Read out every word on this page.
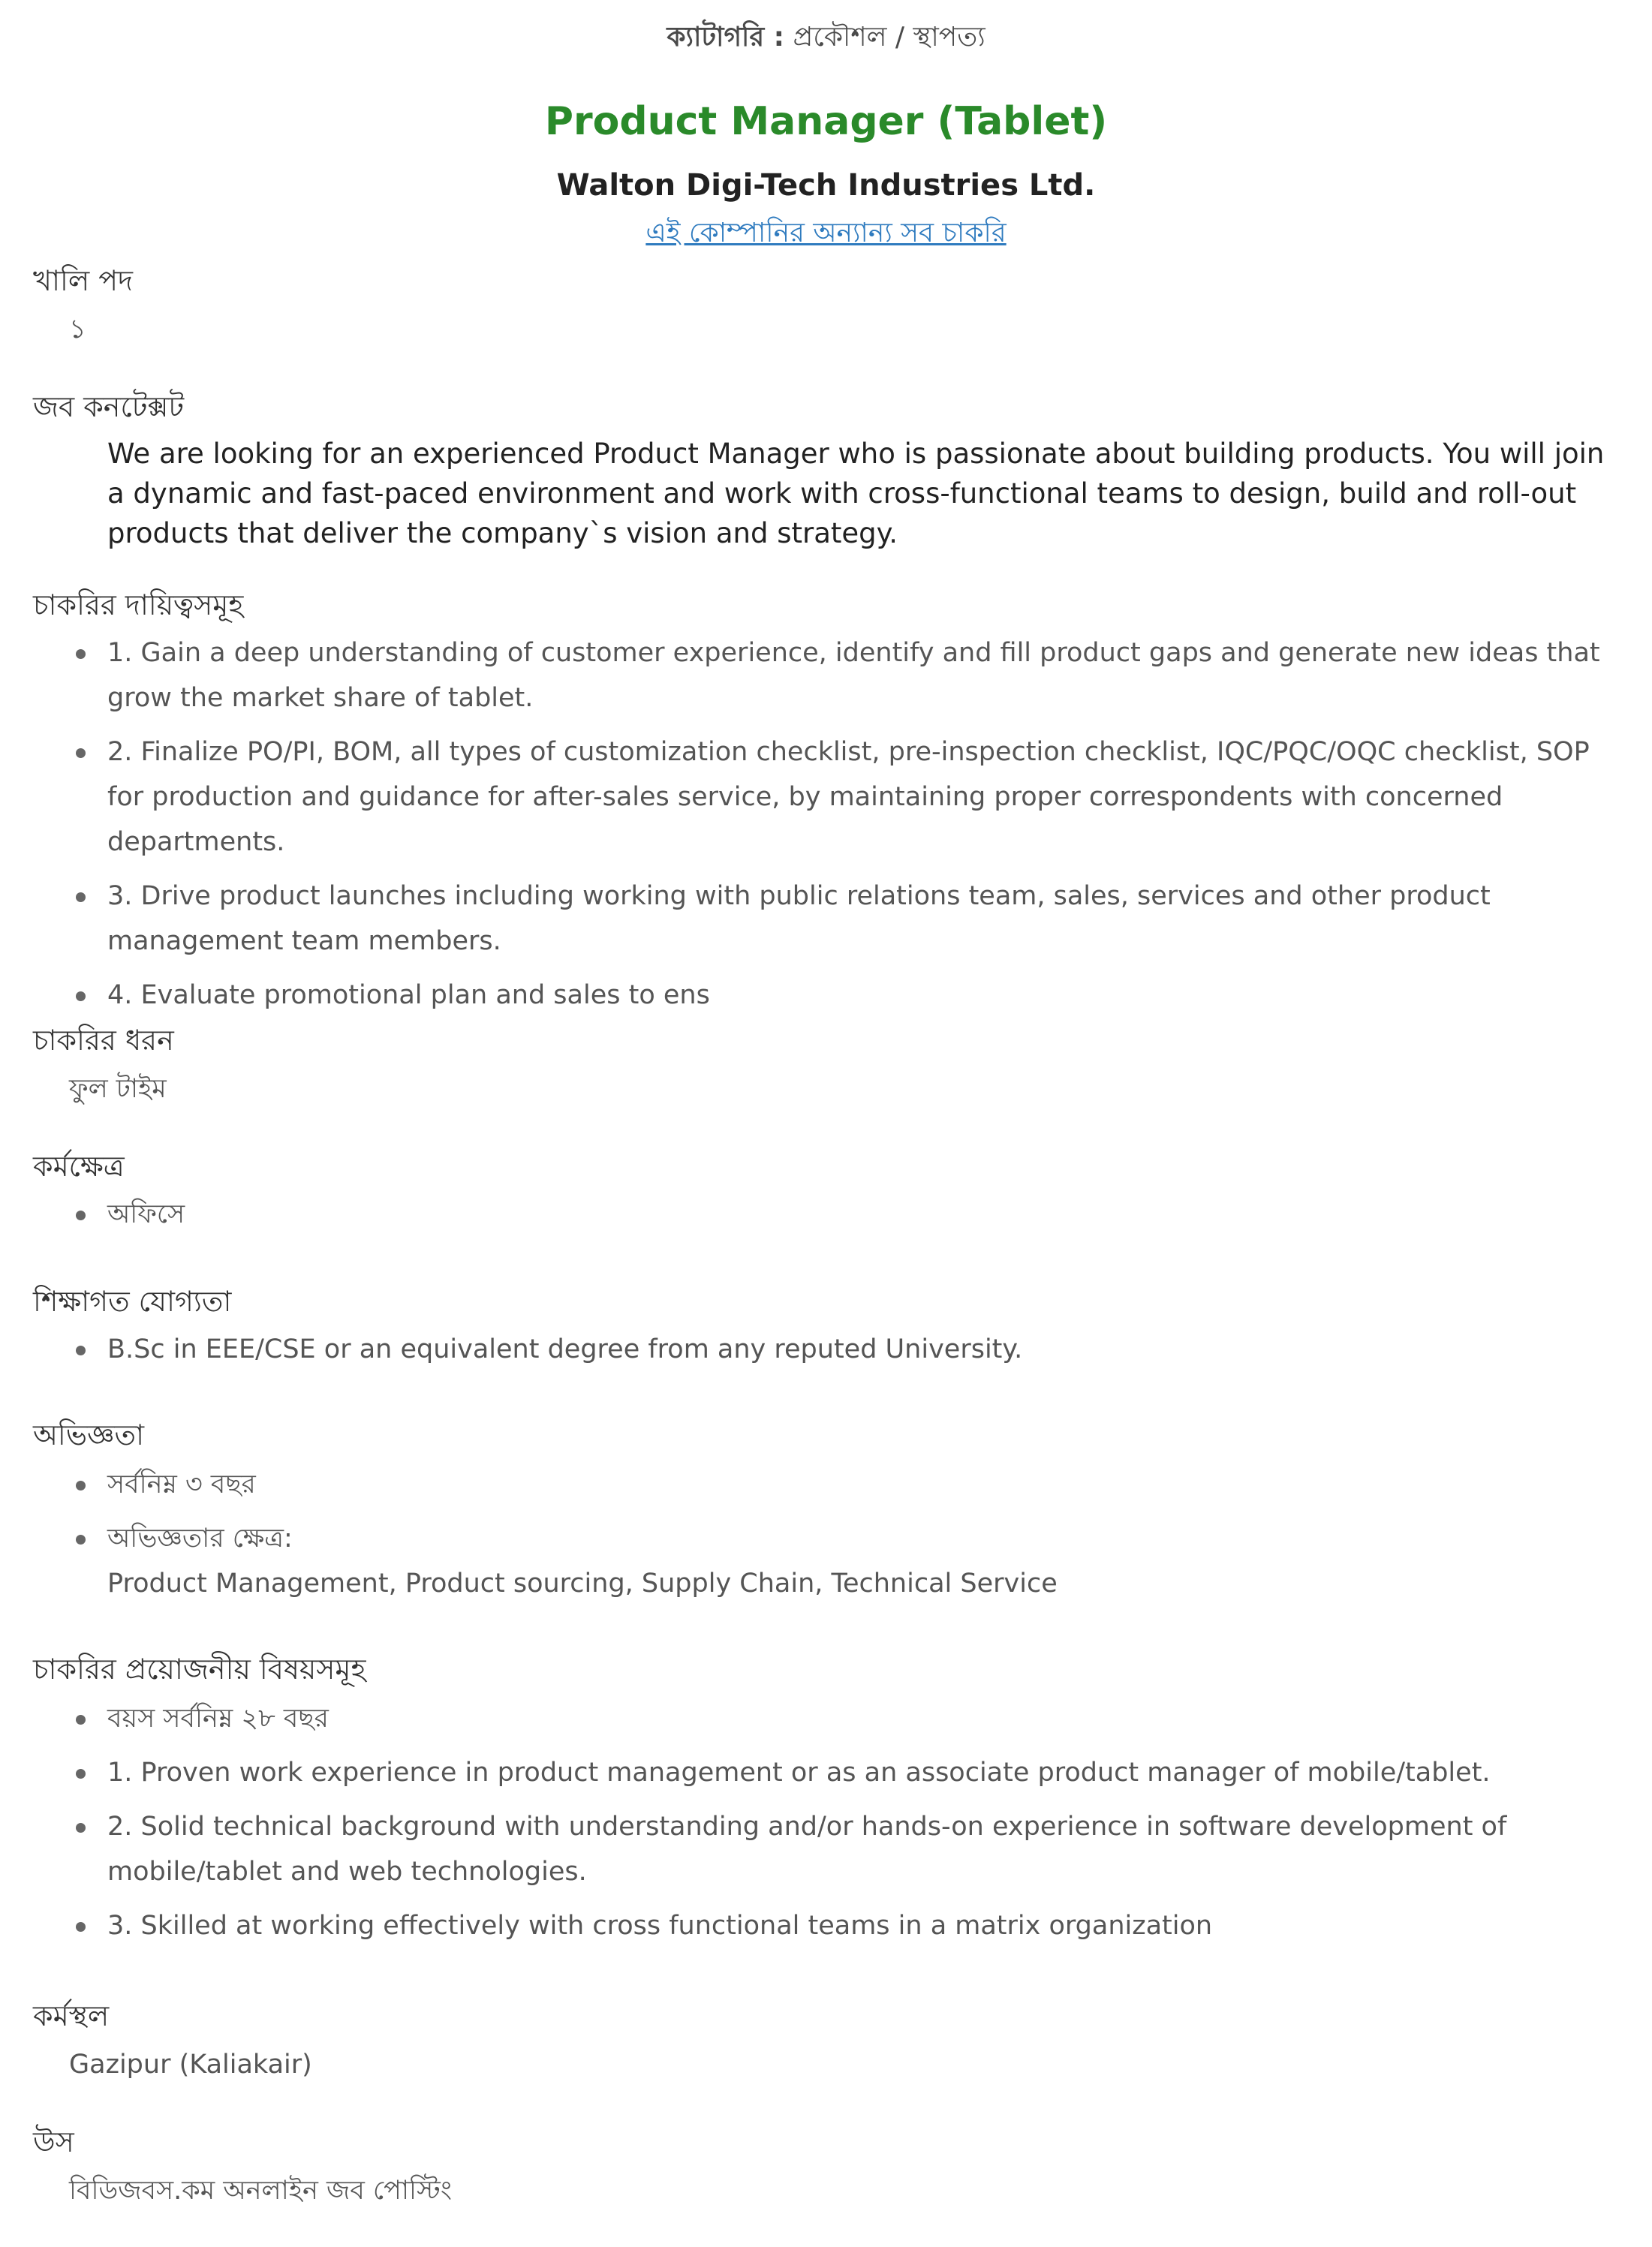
ক্যাটাগরি : প্রকৌশল / স্থাপত্য
Product Manager (Tablet)
Walton Digi-Tech Industries Ltd.
এই কোম্পানির অন্যান্য সব চাকরি
খালি পদ
১
জব কনটেক্সট
We are looking for an experienced Product Manager who is passionate about building products. You will join a dynamic and fast-paced environment and work with cross-functional teams to design, build and roll-out products that deliver the company`s vision and strategy.
চাকরির দায়িত্বসমূহ
1. Gain a deep understanding of customer experience, identify and fill product gaps and generate new ideas that grow the market share of tablet.
2. Finalize PO/PI, BOM, all types of customization checklist, pre-inspection checklist, IQC/PQC/OQC checklist, SOP for production and guidance for after-sales service, by maintaining proper correspondents with concerned departments.
3. Drive product launches including working with public relations team, sales, services and other product management team members.
4. Evaluate promotional plan and sales to ens
চাকরির ধরন
ফুল টাইম
কর্মক্ষেত্র
অফিসে
শিক্ষাগত যোগ্যতা
B.Sc in EEE/CSE or an equivalent degree from any reputed University.
অভিজ্ঞতা
সর্বনিম্ন ৩ বছর
অভিজ্ঞতার ক্ষেত্র:
Product Management, Product sourcing, Supply Chain, Technical Service
চাকরির প্রয়োজনীয় বিষয়সমূহ
বয়স সর্বনিম্ন ২৮ বছর
1. Proven work experience in product management or as an associate product manager of mobile/tablet.
2. Solid technical background with understanding and/or hands-on experience in software development of mobile/tablet and web technologies.
3. Skilled at working effectively with cross functional teams in a matrix organization
কর্মস্থল
Gazipur (Kaliakair)
উ স
বিডিজবস.কম অনলাইন জব পোস্টিং
